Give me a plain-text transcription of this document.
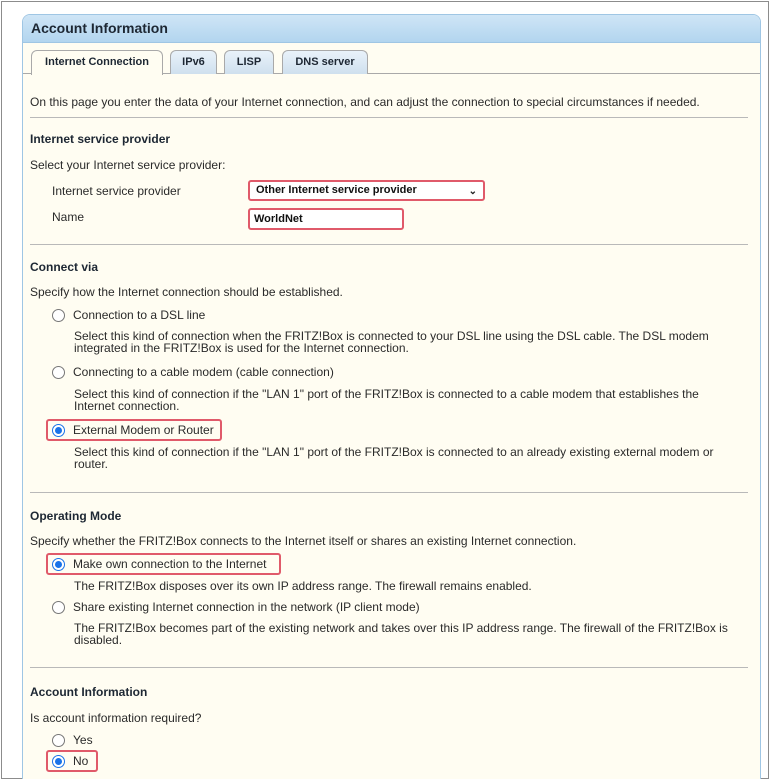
Account Information
Internet Connection	IPv6	LISP	DNS server
On this page you enter the data of your Internet connection, and can adjust the connection to special circumstances if needed.
Internet service provider
Select your Internet service provider:
Internet service provider	Other Internet service provider	⌄
Name	WorldNet
Connect via
Specify how the Internet connection should be established.
Connection to a DSL line
Select this kind of connection when the FRITZ!Box is connected to your DSL line using the DSL cable. The DSL modem
integrated in the FRITZ!Box is used for the Internet connection.
Connecting to a cable modem (cable connection)
Select this kind of connection if the "LAN 1" port of the FRITZ!Box is connected to a cable modem that establishes the
Internet connection.
External Modem or Router
Select this kind of connection if the "LAN 1" port of the FRITZ!Box is connected to an already existing external modem or
router.
Operating Mode
Specify whether the FRITZ!Box connects to the Internet itself or shares an existing Internet connection.
Make own connection to the Internet
The FRITZ!Box disposes over its own IP address range. The firewall remains enabled.
Share existing Internet connection in the network (IP client mode)
The FRITZ!Box becomes part of the existing network and takes over this IP address range. The firewall of the FRITZ!Box is
disabled.
Account Information
Is account information required?
Yes
No
